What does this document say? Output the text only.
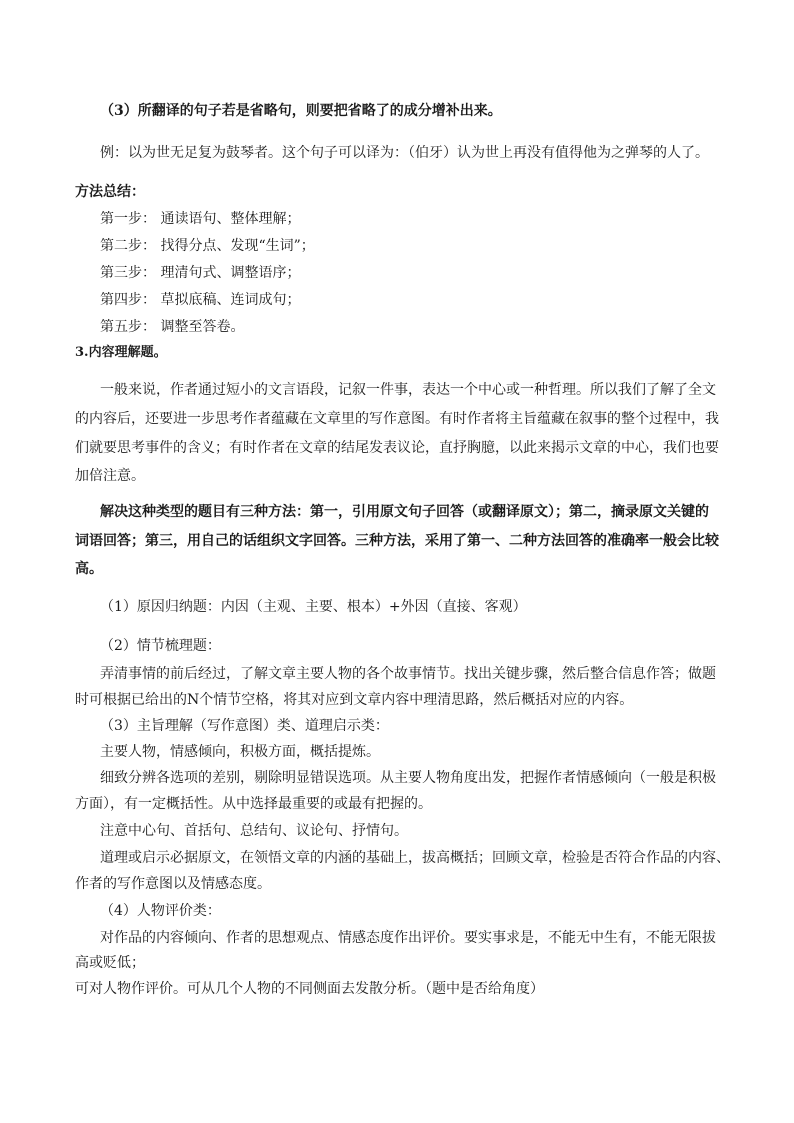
（3）所翻译的句子若是省略句，则要把省略了的成分增补出来。

例：以为世无足复为鼓琴者。这个句子可以译为：（伯牙）认为世上再没有值得他为之弹琴的人了。

方法总结：

第一步： 通读语句、整体理解；

第二步： 找得分点、发现“生词”；

第三步： 理清句式、调整语序；

第四步： 草拟底稿、连词成句；

第五步： 调整至答卷。

3.内容理解题。

一般来说，作者通过短小的文言语段，记叙一件事，表达一个中心或一种哲理。所以我们了解了全文

的内容后，还要进一步思考作者蕴藏在文章里的写作意图。有时作者将主旨蕴藏在叙事的整个过程中，我

们就要思考事件的含义；有时作者在文章的结尾发表议论，直抒胸臆，以此来揭示文章的中心，我们也要

加倍注意。

解决这种类型的题目有三种方法：第一，引用原文句子回答（或翻译原文）；第二，摘录原文关键的

词语回答；第三，用自己的话组织文字回答。三种方法，采用了第一、二种方法回答的准确率一般会比较

高。

（1）原因归纳题：内因（主观、主要、根本）+外因（直接、客观）

（2）情节梳理题：

弄清事情的前后经过，了解文章主要人物的各个故事情节。找出关键步骤，然后整合信息作答；做题

时可根据已给出的N个情节空格，将其对应到文章内容中理清思路，然后概括对应的内容。

（3）主旨理解（写作意图）类、道理启示类：

主要人物，情感倾向，积极方面，概括提炼。

细致分辨各选项的差别，剔除明显错误选项。从主要人物角度出发，把握作者情感倾向（一般是积极

方面），有一定概括性。从中选择最重要的或最有把握的。

注意中心句、首括句、总结句、议论句、抒情句。

道理或启示必据原文，在领悟文章的内涵的基础上，拔高概括；回顾文章，检验是否符合作品的内容、

作者的写作意图以及情感态度。

（4）人物评价类：

对作品的内容倾向、作者的思想观点、情感态度作出评价。要实事求是，不能无中生有，不能无限拔

高或贬低；

可对人物作评价。可从几个人物的不同侧面去发散分析。（题中是否给角度）
